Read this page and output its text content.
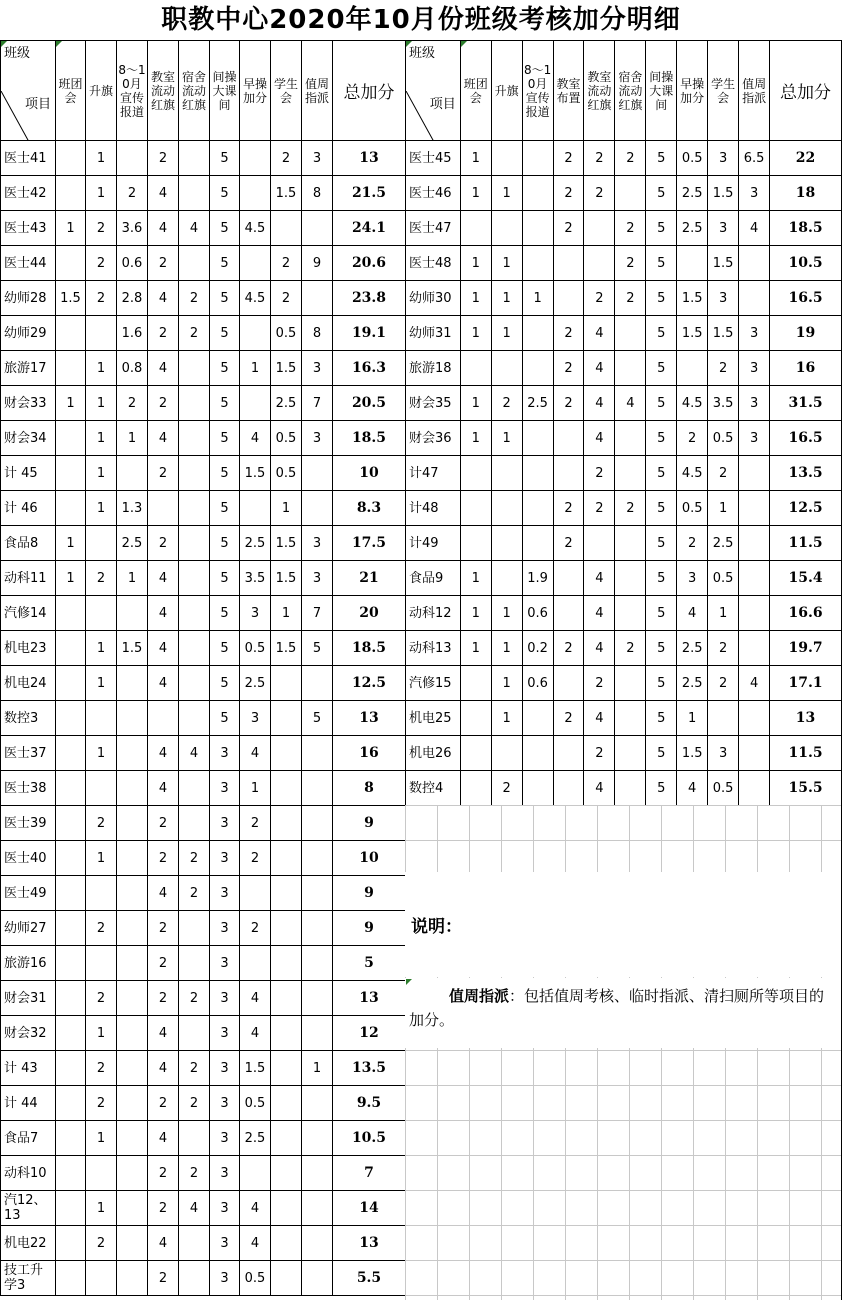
职教中心2020年10月份班级考核加分明细
项目
班级	班团会	升旗	8～10月宣传报道	教室流动红旗	宿舍流动红旗	间操大课间	早操加分	学生会	值周指派	总加分
医士41		1		2		5		2	3	13
医士42		1	2	4		5		1.5	8	21.5
医士43	1	2	3.6	4	4	5	4.5			24.1
医士44		2	0.6	2		5		2	9	20.6
幼师28	1.5	2	2.8	4	2	5	4.5	2		23.8
幼师29			1.6	2	2	5		0.5	8	19.1
旅游17		1	0.8	4		5	1	1.5	3	16.3
财会33	1	1	2	2		5		2.5	7	20.5
财会34		1	1	4		5	4	0.5	3	18.5
计 45		1		2		5	1.5	0.5		10
计 46		1	1.3			5		1		8.3
食品8	1		2.5	2		5	2.5	1.5	3	17.5
动科11	1	2	1	4		5	3.5	1.5	3	21
汽修14				4		5	3	1	7	20
机电23		1	1.5	4		5	0.5	1.5	5	18.5
机电24		1		4		5	2.5			12.5
数控3						5	3		5	13
医士37		1		4	4	3	4			16
医士38				4		3	1			8
医士39		2		2		3	2			9
医士40		1		2	2	3	2			10
医士49				4	2	3				9
幼师27		2		2		3	2			9
旅游16				2		3				5
财会31		2		2	2	3	4			13
财会32		1		4		3	4			12
计 43		2		4	2	3	1.5		1	13.5
计 44		2		2	2	3	0.5			9.5
食品7		1		4		3	2.5			10.5
动科10				2	2	3				7
汽12、13		1		2	4	3	4			14
机电22		2		4		3	4			13
技工升学3				2		3	0.5			5.5
项目
班级	班团会	升旗	8～10月宣传报道	教室布置	教室流动红旗	宿舍流动红旗	间操大课间	早操加分	学生会	值周指派	总加分
医士45	1			2	2	2	5	0.5	3	6.5	22
医士46	1	1		2	2		5	2.5	1.5	3	18
医士47				2		2	5	2.5	3	4	18.5
医士48	1	1				2	5		1.5		10.5
幼师30	1	1	1		2	2	5	1.5	3		16.5
幼师31	1	1		2	4		5	1.5	1.5	3	19
旅游18				2	4		5		2	3	16
财会35	1	2	2.5	2	4	4	5	4.5	3.5	3	31.5
财会36	1	1			4		5	2	0.5	3	16.5
计47					2		5	4.5	2		13.5
计48				2	2	2	5	0.5	1		12.5
计49				2			5	2	2.5		11.5
食品9	1		1.9		4		5	3	0.5		15.4
动科12	1	1	0.6		4		5	4	1		16.6
动科13	1	1	0.2	2	4	2	5	2.5	2		19.7
汽修15		1	0.6		2		5	2.5	2	4	17.1
机电25		1		2	4		5	1			13
机电26					2		5	1.5	3		11.5
数控4		2			4		5	4	0.5		15.5
说明：
值周指派：包括值周考核、临时指派、清扫厕所等项目的加分。
